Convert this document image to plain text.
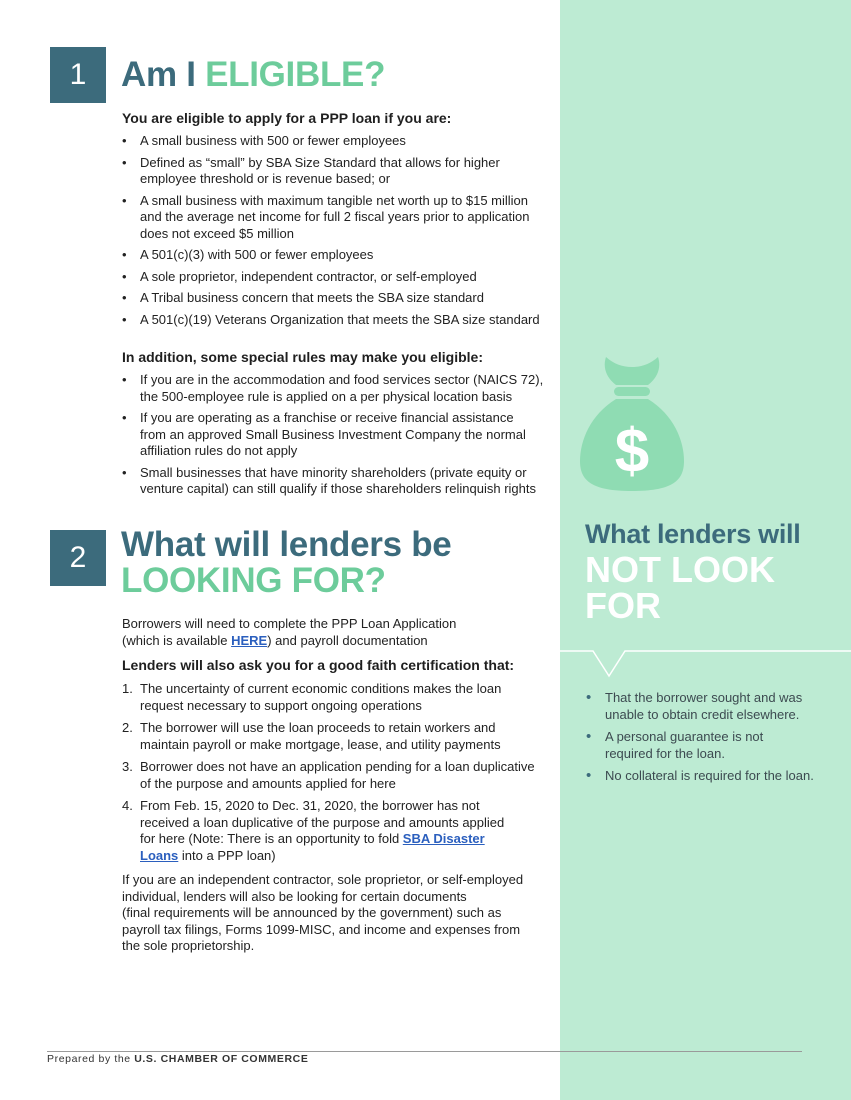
1 Am I ELIGIBLE?

You are eligible to apply for a PPP loan if you are:

• A small business with 500 or fewer employees
• Defined as “small” by SBA Size Standard that allows for higher employee threshold or is revenue based; or
• A small business with maximum tangible net worth up to $15 million and the average net income for full 2 fiscal years prior to application does not exceed $5 million
• A 501(c)(3) with 500 or fewer employees
• A sole proprietor, independent contractor, or self-employed
• A Tribal business concern that meets the SBA size standard
• A 501(c)(19) Veterans Organization that meets the SBA size standard

In addition, some special rules may make you eligible:

• If you are in the accommodation and food services sector (NAICS 72), the 500-employee rule is applied on a per physical location basis
• If you are operating as a franchise or receive financial assistance from an approved Small Business Investment Company the normal affiliation rules do not apply
• Small businesses that have minority shareholders (private equity or venture capital) can still qualify if those shareholders relinquish rights
2 What will lenders be
LOOKING FOR?

Borrowers will need to complete the PPP Loan Application
(which is available HERE) and payroll documentation

Lenders will also ask you for a good faith certification that:

1. The uncertainty of current economic conditions makes the loan request necessary to support ongoing operations
2. The borrower will use the loan proceeds to retain workers and maintain payroll or make mortgage, lease, and utility payments
3. Borrower does not have an application pending for a loan duplicative of the purpose and amounts applied for here
4. From Feb. 15, 2020 to Dec. 31, 2020, the borrower has not received a loan duplicative of the purpose and amounts applied for here (Note: There is an opportunity to fold SBA Disaster Loans into a PPP loan)

If you are an independent contractor, sole proprietor, or self-employed
individual, lenders will also be looking for certain documents
(final requirements will be announced by the government) such as
payroll tax filings, Forms 1099-MISC, and income and expenses from
the sole proprietorship.

$
What lenders will
NOT LOOK FOR
• That the borrower sought and was unable to obtain credit elsewhere.
• A personal guarantee is not required for the loan.
• No collateral is required for the loan.
Prepared by the U.S. CHAMBER OF COMMERCE
